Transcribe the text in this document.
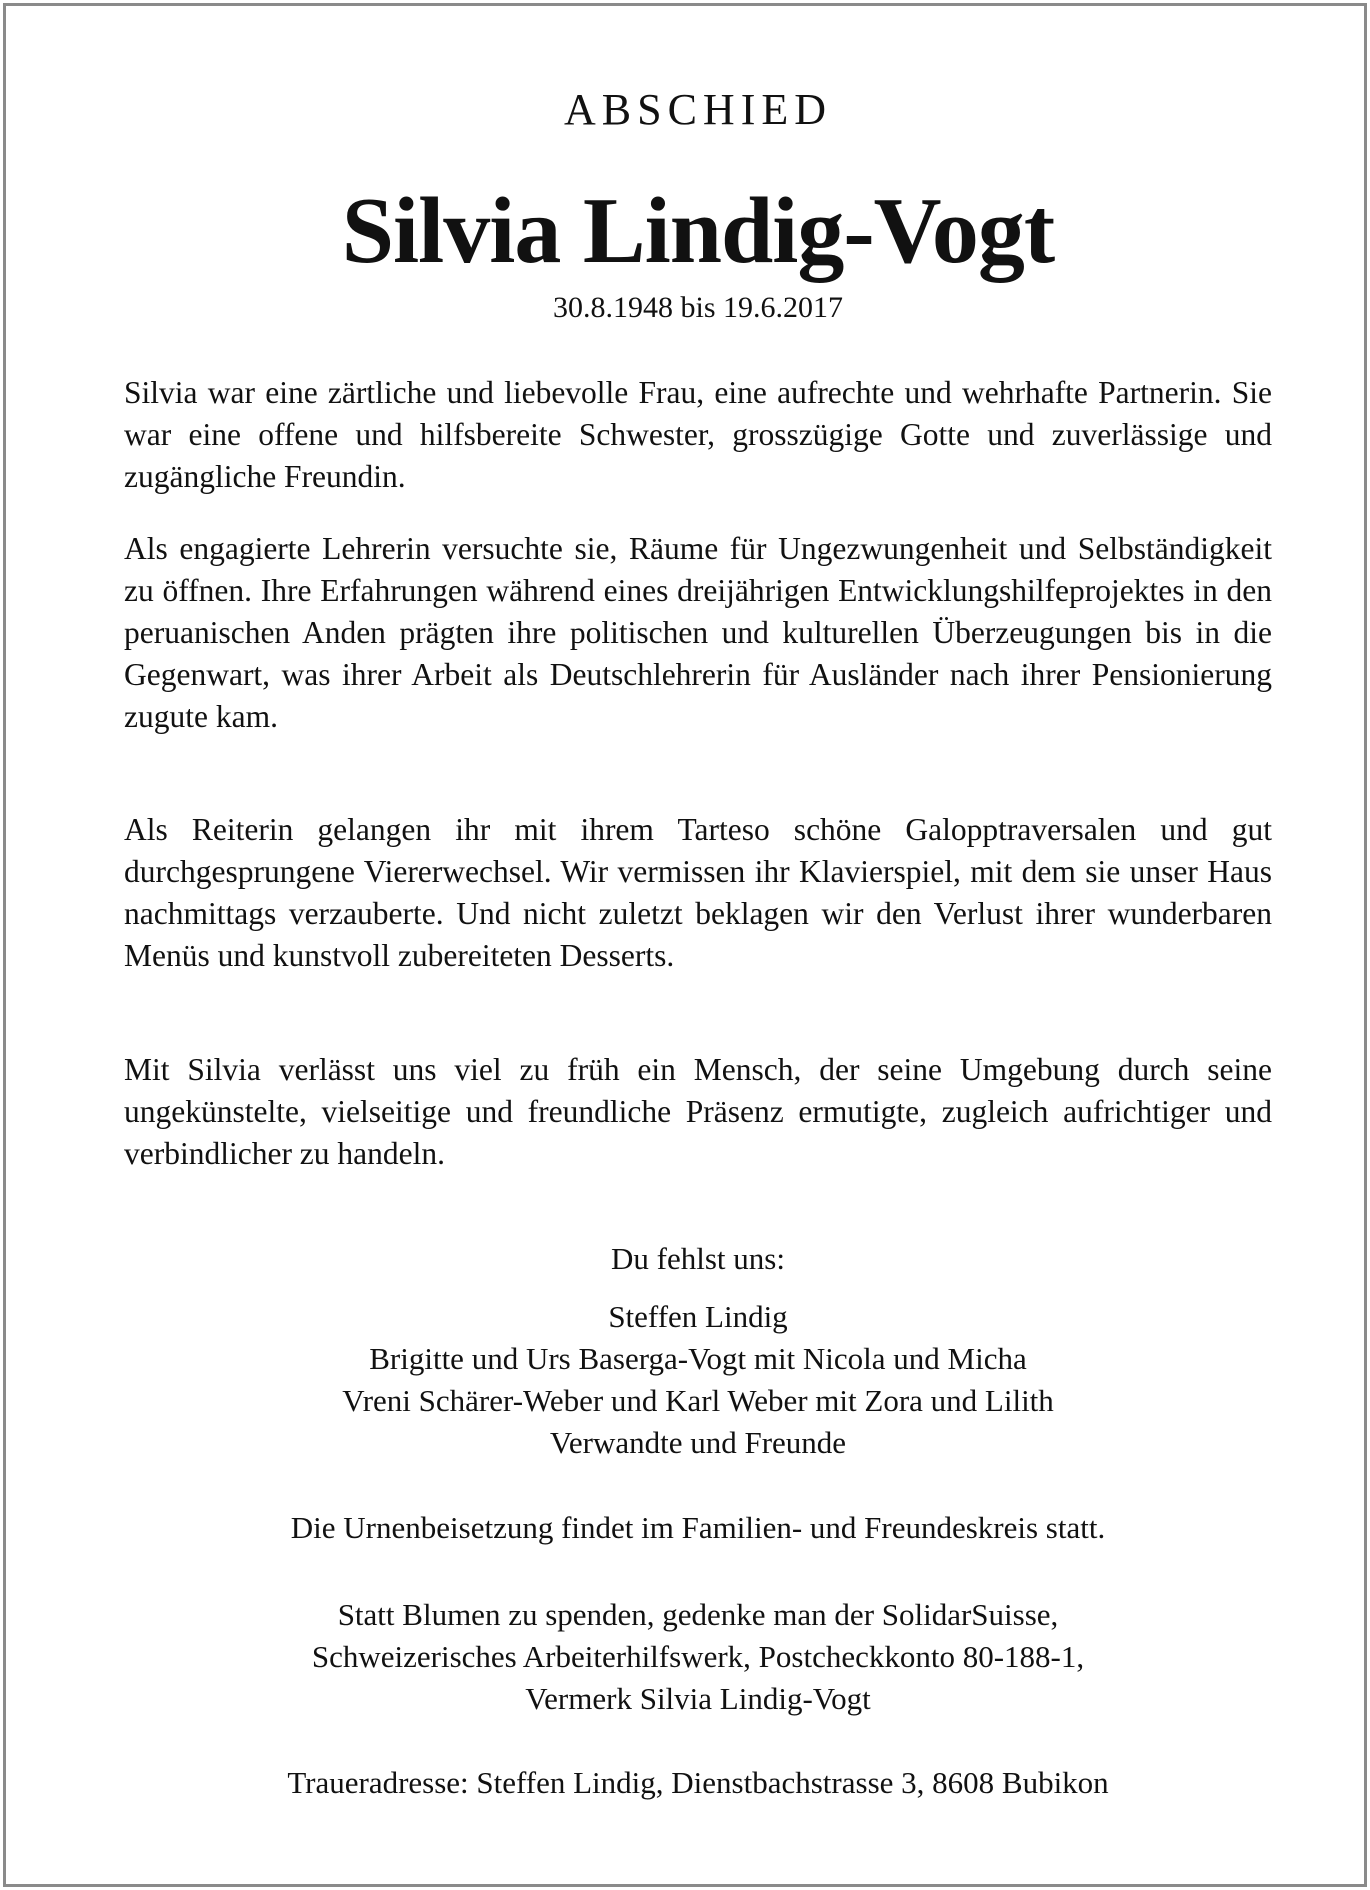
ABSCHIED
Silvia Lindig-Vogt
30.8.1948 bis 19.6.2017

Silvia war eine zärtliche und liebevolle Frau, eine aufrechte und wehrhafte Partnerin. Sie war eine offene und hilfsbereite Schwester, grosszügige Gotte und zuverlässige und zugängliche Freundin.

Als engagierte Lehrerin versuchte sie, Räume für Ungezwungenheit und Selbständigkeit zu öffnen. Ihre Erfahrungen während eines dreijährigen Entwicklungshilfeprojektes in den peruanischen Anden prägten ihre politischen und kulturellen Überzeugungen bis in die Gegenwart, was ihrer Arbeit als Deutschlehrerin für Ausländer nach ihrer Pensionierung zugute kam.

Als Reiterin gelangen ihr mit ihrem Tarteso schöne Galopptraversalen und gut durchgesprungene Viererwechsel. Wir vermissen ihr Klavierspiel, mit dem sie unser Haus nachmittags verzauberte. Und nicht zuletzt beklagen wir den Verlust ihrer wunderbaren Menüs und kunstvoll zubereiteten Desserts.

Mit Silvia verlässt uns viel zu früh ein Mensch, der seine Umgebung durch seine ungekünstelte, vielseitige und freundliche Präsenz ermutigte, zugleich aufrichtiger und verbindlicher zu handeln.

Du fehlst uns:
Steffen Lindig
Brigitte und Urs Baserga-Vogt mit Nicola und Micha
Vreni Schärer-Weber und Karl Weber mit Zora und Lilith
Verwandte und Freunde
Die Urnenbeisetzung findet im Familien- und Freundeskreis statt.
Statt Blumen zu spenden, gedenke man der SolidarSuisse,
Schweizerisches Arbeiterhilfswerk, Postcheckkonto 80-188-1,
Vermerk Silvia Lindig-Vogt
Traueradresse: Steffen Lindig, Dienstbachstrasse 3, 8608 Bubikon
